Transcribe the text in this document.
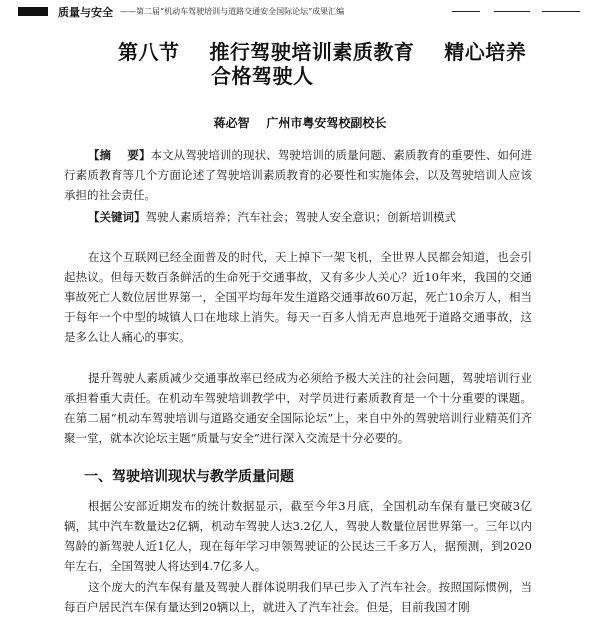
质量与安全 ——第二届“机动车驾驶培训与道路交通安全国际论坛”成果汇编
第八节    推行驾驶培训素质教育    精心培养
合格驾驶人
蒋必智    广州市粤安驾校副校长

【摘    要】本文从驾驶培训的现状、驾驶培训的质量问题、素质教育的重要性、如何进行素质教育等几个方面论述了驾驶培训素质教育的必要性和实施体会，以及驾驶培训人应该承担的社会责任。

【关键词】驾驶人素质培养；汽车社会；驾驶人安全意识；创新培训模式

在这个互联网已经全面普及的时代，天上掉下一架飞机，全世界人民都会知道，也会引起热议。但每天数百条鲜活的生命死于交通事故，又有多少人关心？近10年来，我国的交通事故死亡人数位居世界第一，全国平均每年发生道路交通事故60万起，死亡10余万人，相当于每年一个中型的城镇人口在地球上消失。每天一百多人悄无声息地死于道路交通事故，这是多么让人痛心的事实。

提升驾驶人素质减少交通事故率已经成为必须给予极大关注的社会问题，驾驶培训行业承担着重大责任。在机动车驾驶培训教学中，对学员进行素质教育是一个十分重要的课题。在第二届“机动车驾驶培训与道路交通安全国际论坛”上，来自中外的驾驶培训行业精英们齐聚一堂，就本次论坛主题“质量与安全”进行深入交流是十分必要的。

一、驾驶培训现状与教学质量问题

根据公安部近期发布的统计数据显示，截至今年3月底，全国机动车保有量已突破3亿辆，其中汽车数量达2亿辆，机动车驾驶人达3.2亿人，驾驶人数量位居世界第一。三年以内驾龄的新驾驶人近1亿人，现在每年学习申领驾驶证的公民达三千多万人，据预测，到2020年左右，全国驾驶人将达到4.7亿多人。

这个庞大的汽车保有量及驾驶人群体说明我们早已步入了汽车社会。按照国际惯例，当每百户居民汽车保有量达到20辆以上，就进入了汽车社会。但是，目前我国才刚
